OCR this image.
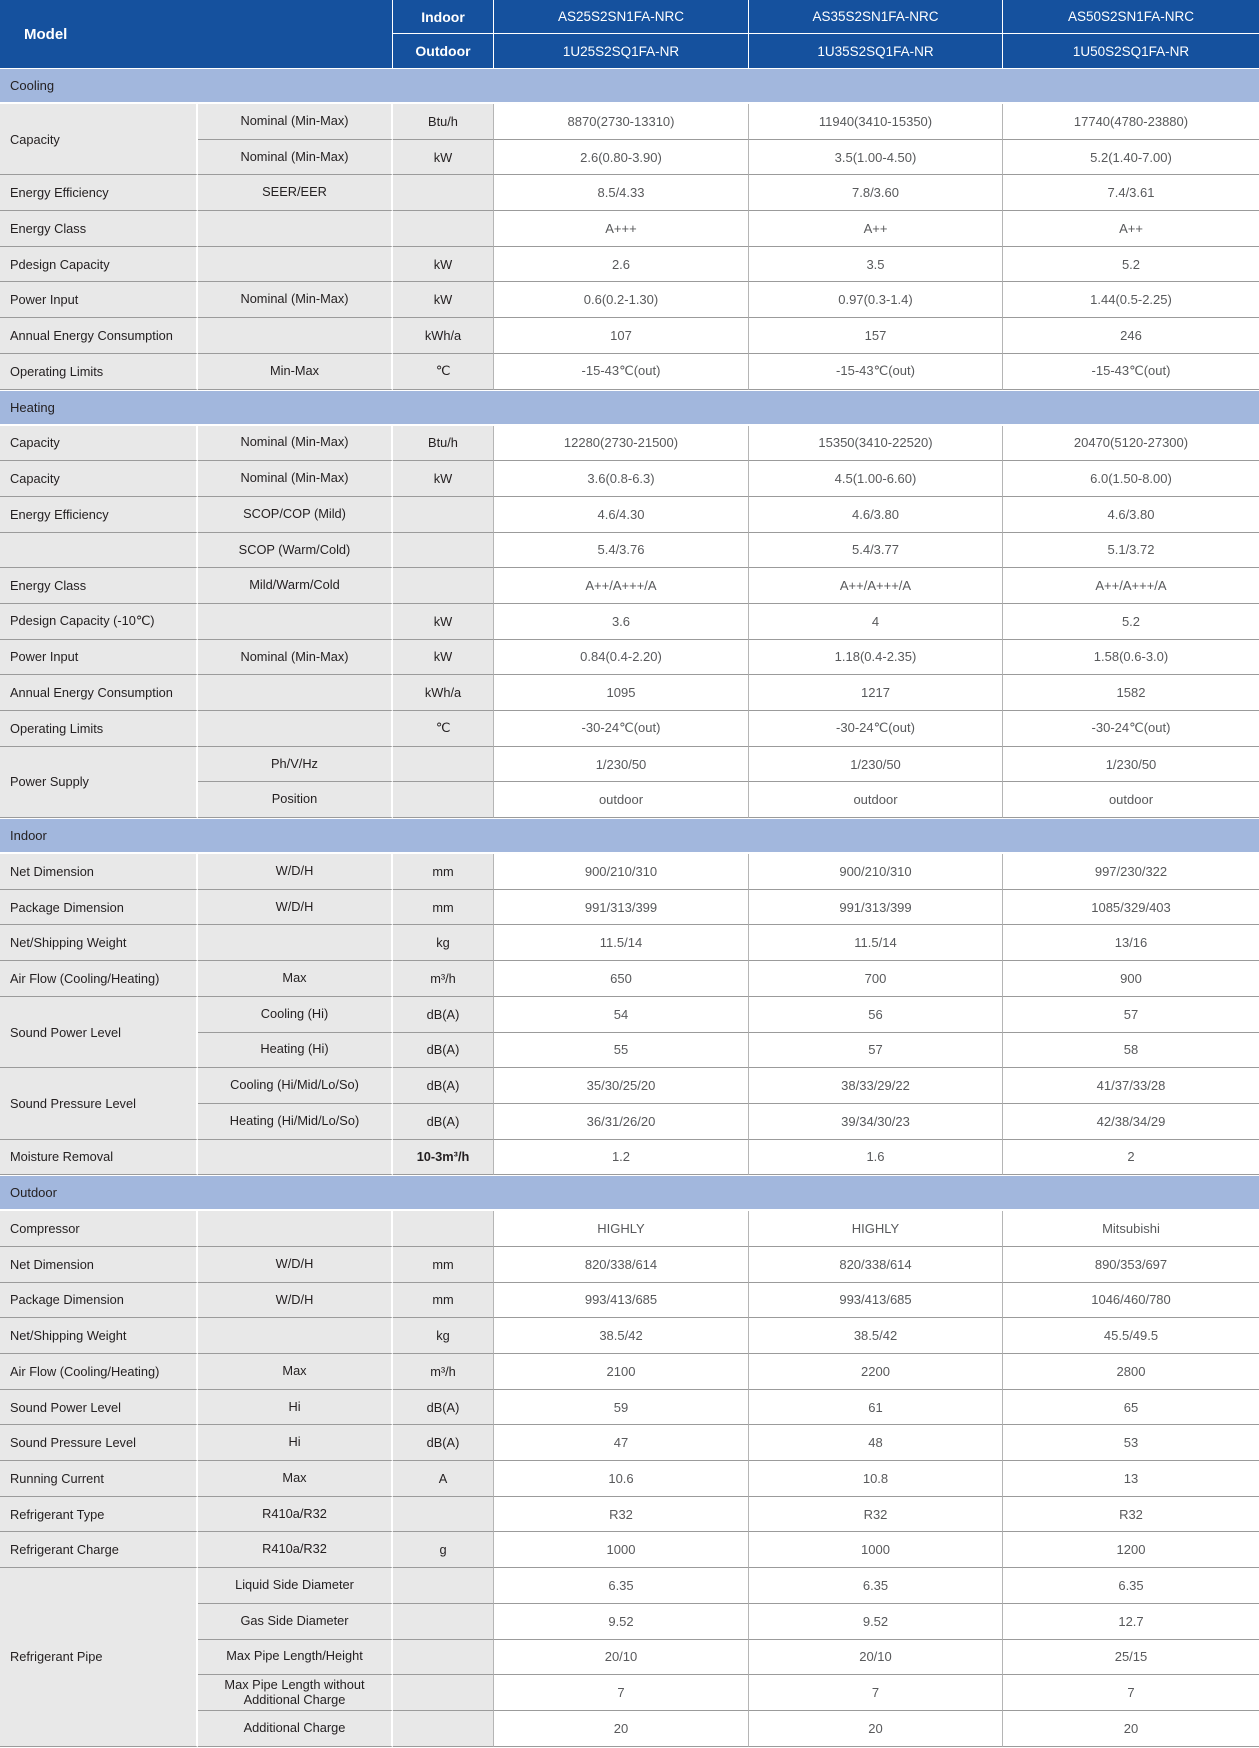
Model		Indoor	AS25S2SN1FA-NRC	AS35S2SN1FA-NRC	AS50S2SN1FA-NRC
		Outdoor	1U25S2SQ1FA-NR	1U35S2SQ1FA-NR	1U50S2SQ1FA-NR
Cooling					
Capacity	Nominal (Min-Max)	Btu/h	8870(2730-13310)	11940(3410-15350)	17740(4780-23880)
	Nominal (Min-Max)	kW	2.6(0.80-3.90)	3.5(1.00-4.50)	5.2(1.40-7.00)
Energy Efficiency	SEER/EER		8.5/4.33	7.8/3.60	7.4/3.61
Energy Class			A+++	A++	A++
Pdesign Capacity		kW	2.6	3.5	5.2
Power Input	Nominal (Min-Max)	kW	0.6(0.2-1.30)	0.97(0.3-1.4)	1.44(0.5-2.25)
Annual Energy Consumption		kWh/a	107	157	246
Operating Limits	Min-Max	℃	-15-43℃(out)	-15-43℃(out)	-15-43℃(out)
Heating					
Capacity	Nominal (Min-Max)	Btu/h	12280(2730-21500)	15350(3410-22520)	20470(5120-27300)
Capacity	Nominal (Min-Max)	kW	3.6(0.8-6.3)	4.5(1.00-6.60)	6.0(1.50-8.00)
Energy Efficiency	SCOP/COP (Mild)		4.6/4.30	4.6/3.80	4.6/3.80
	SCOP (Warm/Cold)		5.4/3.76	5.4/3.77	5.1/3.72
Energy Class	Mild/Warm/Cold		A++/A+++/A	A++/A+++/A	A++/A+++/A
Pdesign Capacity (-10℃)		kW	3.6	4	5.2
Power Input	Nominal (Min-Max)	kW	0.84(0.4-2.20)	1.18(0.4-2.35)	1.58(0.6-3.0)
Annual Energy Consumption		kWh/a	1095	1217	1582
Operating Limits		℃	-30-24℃(out)	-30-24℃(out)	-30-24℃(out)
Power Supply	Ph/V/Hz		1/230/50	1/230/50	1/230/50
	Position		outdoor	outdoor	outdoor
Indoor					
Net Dimension	W/D/H	mm	900/210/310	900/210/310	997/230/322
Package Dimension	W/D/H	mm	991/313/399	991/313/399	1085/329/403
Net/Shipping Weight		kg	11.5/14	11.5/14	13/16
Air Flow (Cooling/Heating)	Max	m³/h	650	700	900
Sound Power Level	Cooling (Hi)	dB(A)	54	56	57
	Heating (Hi)	dB(A)	55	57	58
Sound Pressure Level	Cooling (Hi/Mid/Lo/So)	dB(A)	35/30/25/20	38/33/29/22	41/37/33/28
	Heating (Hi/Mid/Lo/So)	dB(A)	36/31/26/20	39/34/30/23	42/38/34/29
Moisture Removal		10-3m³/h	1.2	1.6	2
Outdoor					
Compressor			HIGHLY	HIGHLY	Mitsubishi
Net Dimension	W/D/H	mm	820/338/614	820/338/614	890/353/697
Package Dimension	W/D/H	mm	993/413/685	993/413/685	1046/460/780
Net/Shipping Weight		kg	38.5/42	38.5/42	45.5/49.5
Air Flow (Cooling/Heating)	Max	m³/h	2100	2200	2800
Sound Power Level	Hi	dB(A)	59	61	65
Sound Pressure Level	Hi	dB(A)	47	48	53
Running Current	Max	A	10.6	10.8	13
Refrigerant Type	R410a/R32		R32	R32	R32
Refrigerant Charge	R410a/R32	g	1000	1000	1200
Refrigerant Pipe	Liquid Side Diameter		6.35	6.35	6.35
	Gas Side Diameter		9.52	9.52	12.7
	Max Pipe Length/Height		20/10	20/10	25/15
	Max Pipe Length without Additional Charge		7	7	7
	Additional Charge		20	20	20
